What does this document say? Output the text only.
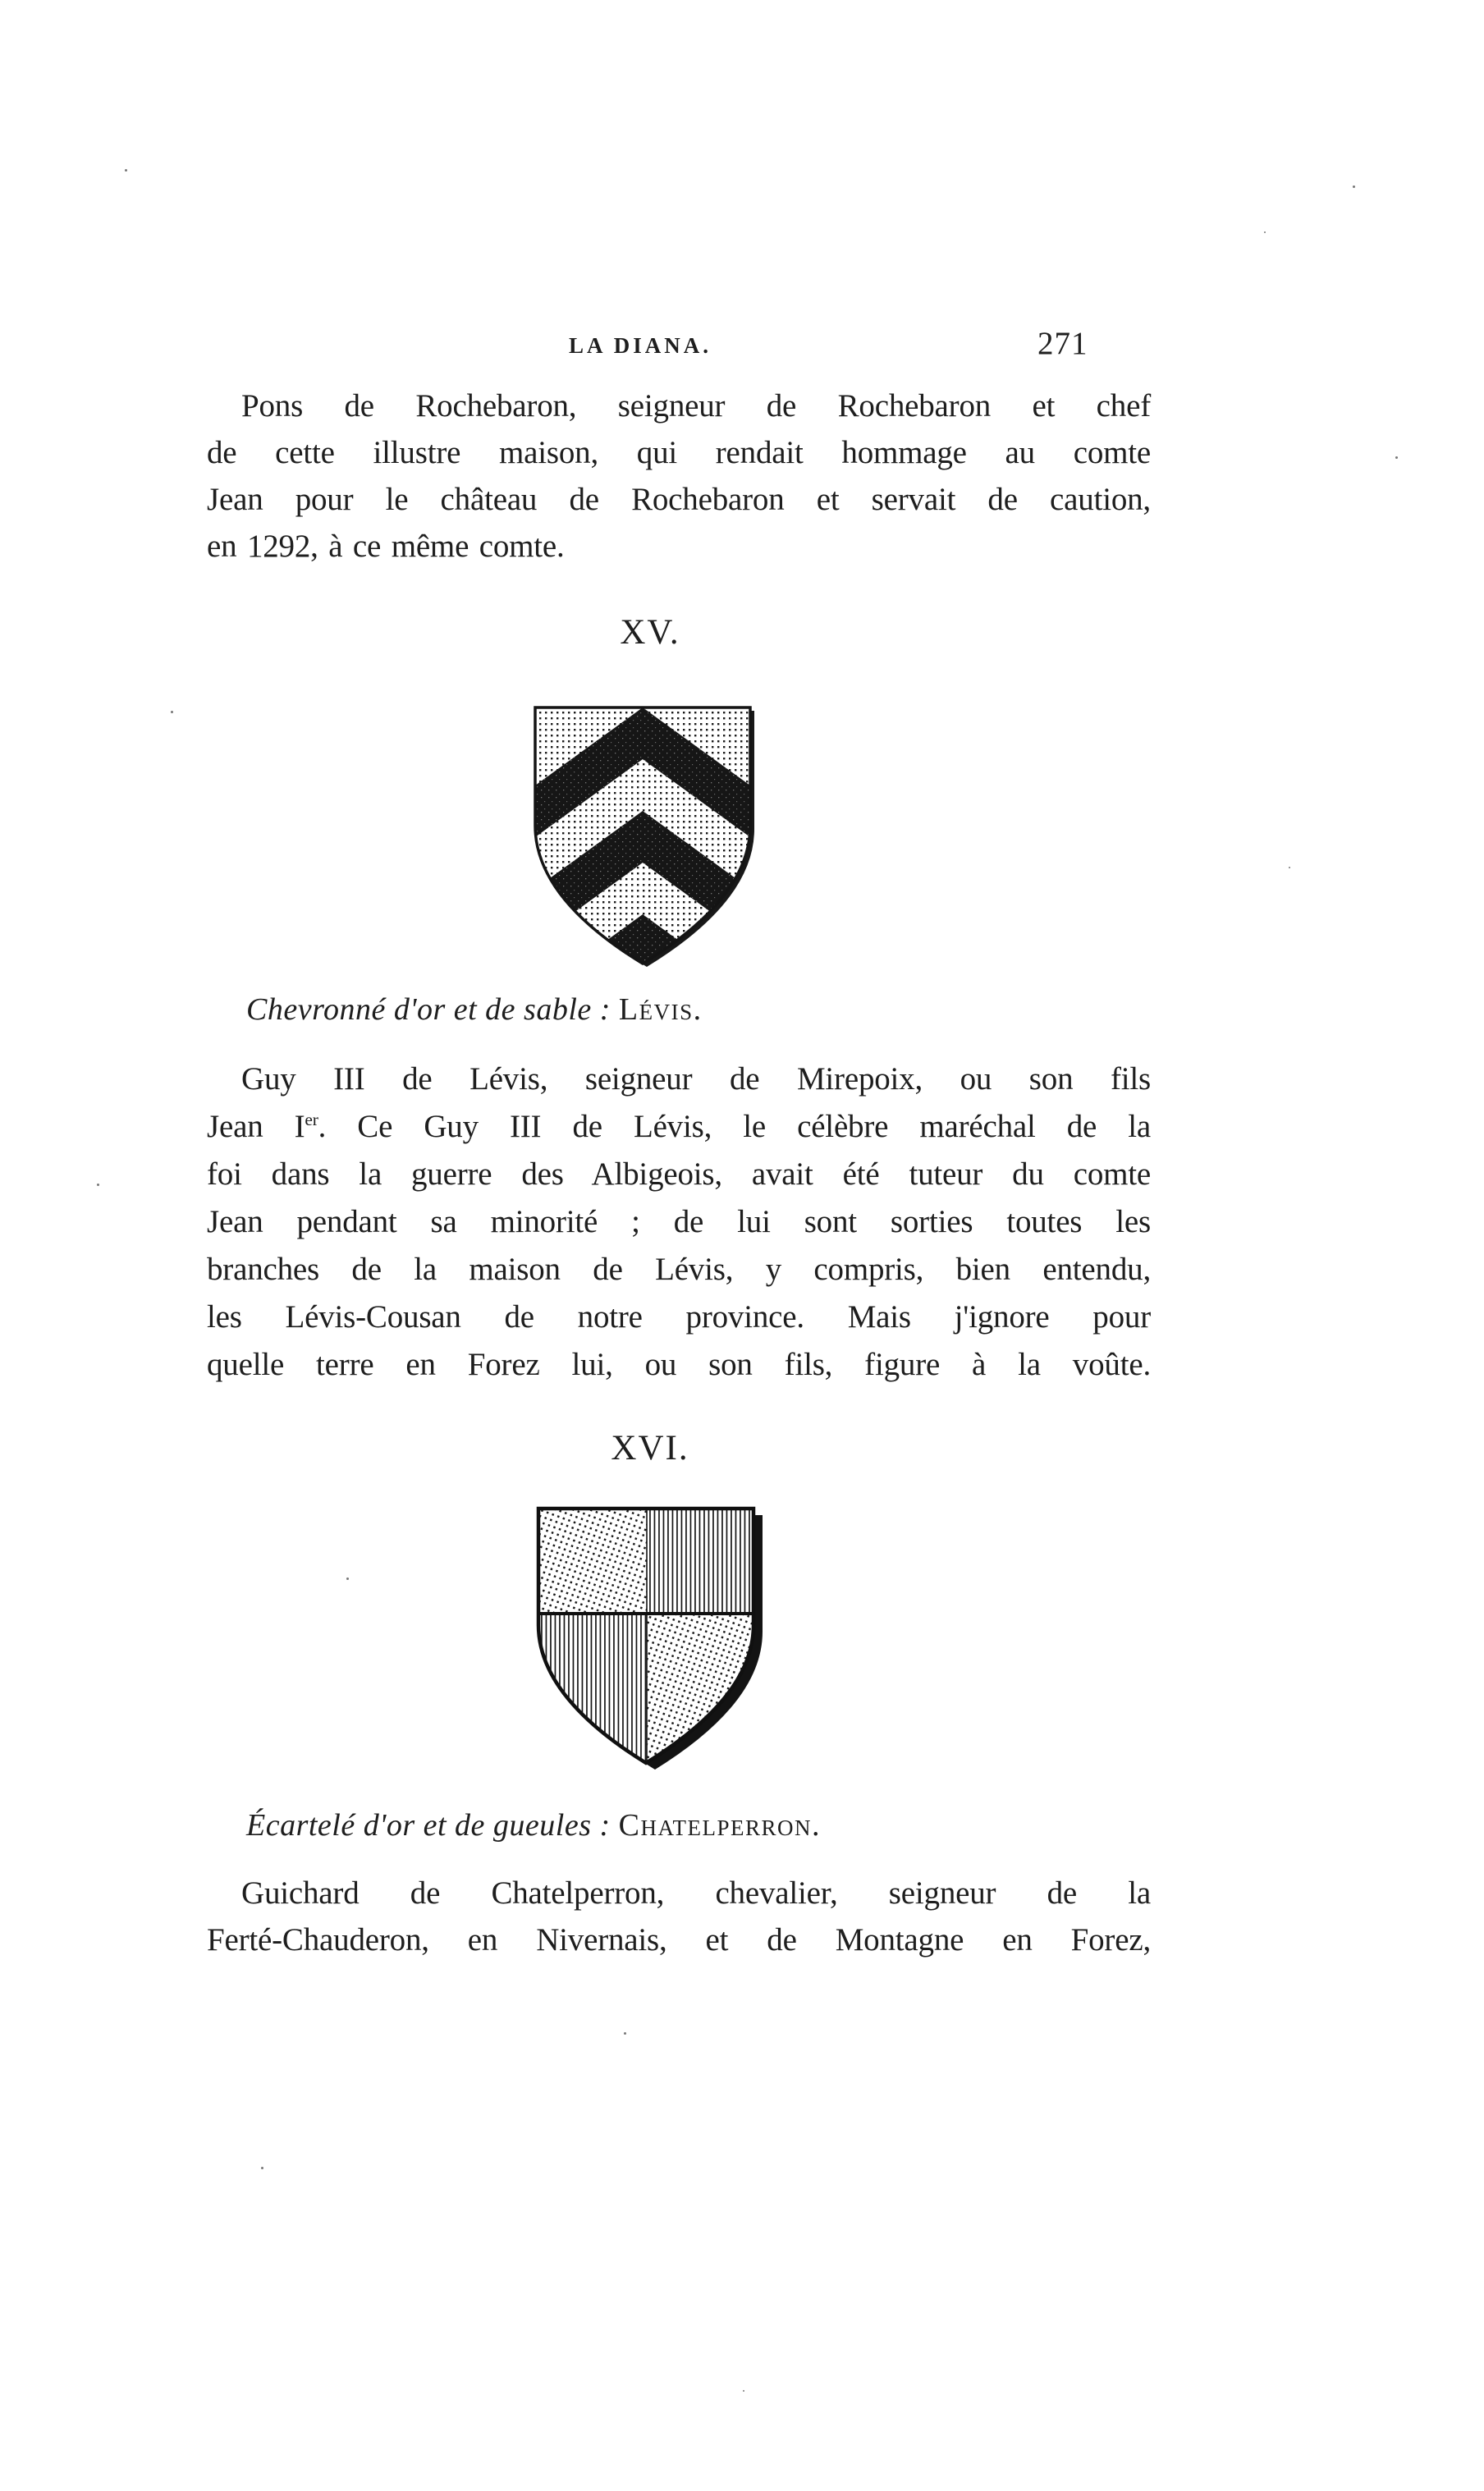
LA DIANA.	271
Pons de Rochebaron, seigneur de Rochebaron et chef
de cette illustre maison, qui rendait hommage au comte
Jean pour le château de Rochebaron et servait de caution,
en 1292, à ce même comte.
XV.
Chevronné d'or et de sable : Lévis.
Guy III de Lévis, seigneur de Mirepoix, ou son fils
Jean Ier. Ce Guy III de Lévis, le célèbre maréchal de la
foi dans la guerre des Albigeois, avait été tuteur du comte
Jean pendant sa minorité ; de lui sont sorties toutes les
branches de la maison de Lévis, y compris, bien entendu,
les Lévis-Cousan de notre province. Mais j'ignore pour
quelle terre en Forez lui, ou son fils, figure à la voûte.
XVI.
Écartelé d'or et de gueules : Chatelperron.
Guichard de Chatelperron, chevalier, seigneur de la
Ferté-Chauderon, en Nivernais, et de Montagne en Forez,
